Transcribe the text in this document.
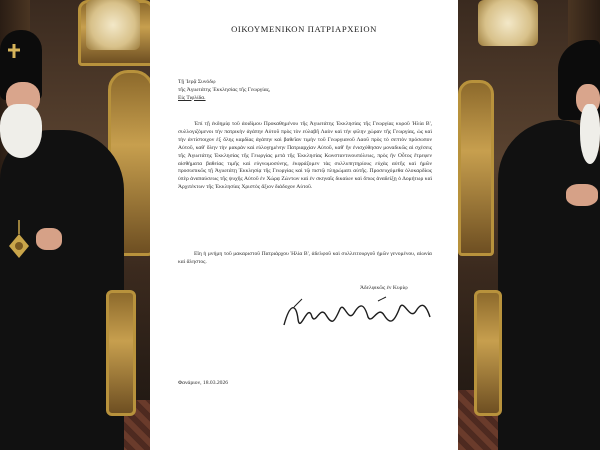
ΟΙΚΟΥΜΕΝΙΚΟΝ ΠΑΤΡΙΑΡΧΕΙΟΝ
Τῇ Ἱερᾷ Συνόδῳ
τῆς Ἁγιωτάτης Ἐκκλησίας τῆς Γεωργίας,
Εἰς Τιφλίδα.
Ἐπί τῇ ἐκδημίᾳ τοῦ ἀοιδίμου Προκαθημένου τῆς Ἁγιωτάτης Ἐκκλησίας τῆς Γεωργίας κυροῦ Ἠλία Β', συλλογιζόμενοι τὴν πατρικὴν ἀγάπην Αὐτοῦ πρὸς τὸν εὐλαβῆ Λαὸν καὶ τὴν φίλην χώραν τῆς Γεωργίας, ὡς καὶ τὴν ἀντίστοιχον ἐξ ὅλης καρδίας ἀγάπην καὶ βαθεῖαν τιμὴν τοῦ Γεωργιανοῦ Λαοῦ πρὸς τὸ σεπτὸν πρόσωπον Αὐτοῦ, καθ' ὅλην τὴν μακρὰν καὶ εὐλογημένην Πατριαρχίαν Αὐτοῦ, καθ' ἣν ἐνισχύθησαν μοναδικῶς αἱ σχέσεις τῆς Ἁγιωτάτης Ἐκκλησίας τῆς Γεωργίας μετὰ τῆς Ἐκκλησίας Κωνσταντινουπόλεως, πρὸς ἣν Οὗτος ἔτρεφεν αἰσθήματα βαθείας τιμῆς καὶ εὐγνωμοσύνης, ἐκφράζομεν τὰς συλλυπητηρίους εὐχὰς αὐτῆς καὶ ἡμῶν προσωπικῶς τῇ Ἁγιωτάτῃ Ἐκκλησίᾳ τῆς Γεωργίας καὶ τῷ πιστῷ πληρώματι αὐτῆς. Προσευχόμεθα ὁλοκαρδίως ὑπὲρ ἀναπαύσεως τῆς ψυχῆς Αὐτοῦ ἐν Χώρᾳ Ζώντων καὶ ἐν σκηναῖς δικαίων καὶ ὅπως ἀναδείξῃ ὁ Δομήτωρ καὶ Ἀρχιτέκτων τῆς Ἐκκλησίας Χριστὸς ἄξιον διάδοχον Αὐτοῦ.
Εἴη ἡ μνήμη τοῦ μακαριστοῦ Πατριάρχου Ἠλία Β', ἀδελφοῦ καὶ συλλειτουργοῦ ἡμῶν γενομένου, αἰωνία καὶ ἄληστος.
Ἀδελφικῶς ἐν Κυρίῳ
Φανάριον, 18.03.2026
